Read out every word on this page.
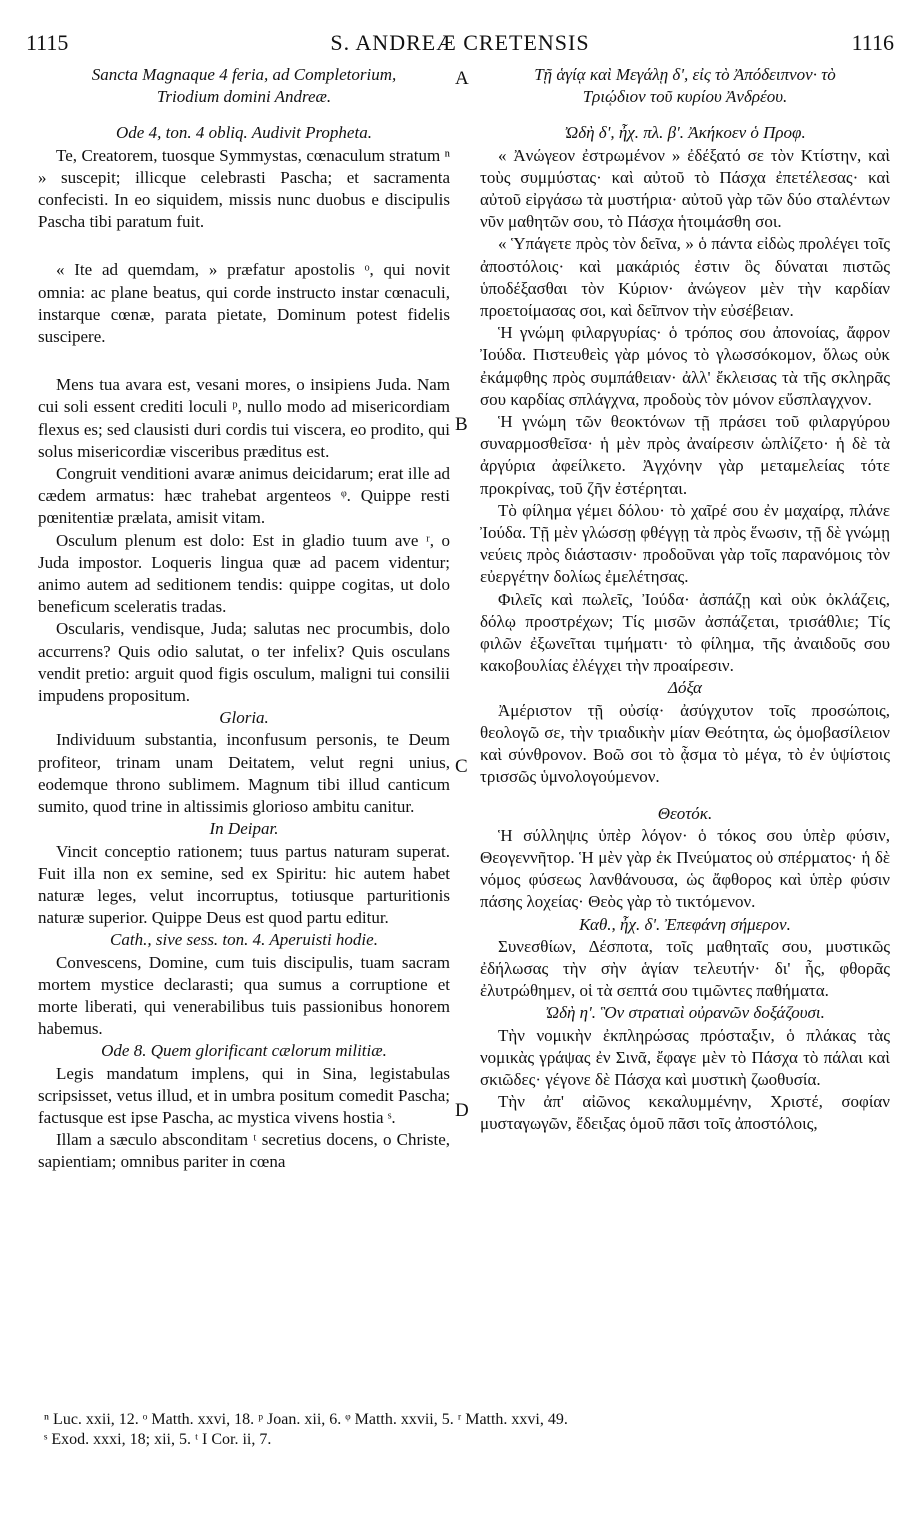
1115	S. ANDREÆ CRETENSIS	1116
A
B
C
D

Sancta Magnaque 4 feria, ad Completorium,

Triodium domini Andreæ.

Ode 4, ton. 4 obliq. Audivit Propheta.

Te, Creatorem, tuosque Symmystas, cœnaculum stratum ⁿ » suscepit; illicque celebrasti Pascha; et sacramenta confecisti. In eo siquidem, missis nunc duobus e discipulis Pascha tibi paratum fuit.

« Ite ad quemdam, » præfatur apostolis ᵒ, qui novit omnia: ac plane beatus, qui corde instructo instar cœnaculi, instarque cœnæ, parata pietate, Dominum potest fidelis suscipere.

Mens tua avara est, vesani mores, o insipiens Juda. Nam cui soli essent crediti loculi ᵖ, nullo modo ad misericordiam flexus es; sed clausisti duri cordis tui viscera, eo prodito, qui solus misericordiæ visceribus præditus est.

Congruit venditioni avaræ animus deicidarum; erat ille ad cædem armatus: hæc trahebat argenteos ᵠ. Quippe resti pœnitentiæ prælata, amisit vitam.

Osculum plenum est dolo: Est in gladio tuum ave ʳ, o Juda impostor. Loqueris lingua quæ ad pacem videntur; animo autem ad seditionem tendis: quippe cogitas, ut dolo beneficum sceleratis tradas.

Oscularis, vendisque, Juda; salutas nec procumbis, dolo accurrens? Quis odio salutat, o ter infelix? Quis osculans vendit pretio: arguit quod figis osculum, maligni tui consilii impudens propositum.

Gloria.

Individuum substantia, inconfusum personis, te Deum profiteor, trinam unam Deitatem, velut regni unius, eodemque throno sublimem. Magnum tibi illud canticum sumito, quod trine in altissimis glorioso ambitu canitur.

In Deipar.

Vincit conceptio rationem; tuus partus naturam superat. Fuit illa non ex semine, sed ex Spiritu: hic autem habet naturæ leges, velut incorruptus, totiusque parturitionis naturæ superior. Quippe Deus est quod partu editur.

Cath., sive sess. ton. 4. Aperuisti hodie.

Convescens, Domine, cum tuis discipulis, tuam sacram mortem mystice declarasti; qua sumus a corruptione et morte liberati, qui venerabilibus tuis passionibus honorem habemus.

Ode 8. Quem glorificant cælorum militiæ.

Legis mandatum implens, qui in Sina, legistabulas scripsisset, vetus illud, et in umbra positum comedit Pascha; factusque est ipse Pascha, ac mystica vivens hostia ˢ.

Illam a sæculo absconditam ᵗ secretius docens, o Christe, sapientiam; omnibus pariter in cœna

Τῇ ἁγίᾳ καὶ Μεγάλῃ δ', εἰς τὸ Ἀπόδειπνον· τὸ

Τριῴδιον τοῦ κυρίου Ἀνδρέου.

Ὠδὴ δ', ἦχ. πλ. β'. Ἀκήκοεν ὁ Προφ.

« Ἀνώγεον ἐστρωμένον » ἐδέξατό σε τὸν Κτίστην, καὶ τοὺς συμμύστας· καὶ αὐτοῦ τὸ Πάσχα ἐπετέλεσας· καὶ αὐτοῦ εἰργάσω τὰ μυστήρια· αὐτοῦ γὰρ τῶν δύο σταλέντων νῦν μαθητῶν σου, τὸ Πάσχα ἡτοιμάσθη σοι.

« Ὑπάγετε πρὸς τὸν δεῖνα, » ὁ πάντα εἰδὼς προλέγει τοῖς ἀποστόλοις· καὶ μακάριός ἐστιν ὃς δύναται πιστῶς ὑποδέξασθαι τὸν Κύριον· ἀνώγεον μὲν τὴν καρδίαν προετοίμασας σοι, καὶ δεῖπνον τὴν εὐσέβειαν.

Ἡ γνώμη φιλαργυρίας· ὁ τρόπος σου ἀπονοίας, ἄφρον Ἰούδα. Πιστευθεὶς γὰρ μόνος τὸ γλωσσόκομον, ὅλως οὐκ ἐκάμφθης πρὸς συμπάθειαν· ἀλλ' ἔκλεισας τὰ τῆς σκληρᾶς σου καρδίας σπλάγχνα, προδοὺς τὸν μόνον εὔσπλαγχνον.

Ἡ γνώμη τῶν θεοκτόνων τῇ πράσει τοῦ φιλαργύρου συναρμοσθεῖσα· ἡ μὲν πρὸς ἀναίρεσιν ὡπλίζετο· ἡ δὲ τὰ ἀργύρια ἀφείλκετο. Ἀγχόνην γὰρ μεταμελείας τότε προκρίνας, τοῦ ζῆν ἐστέρηται.

Τὸ φίλημα γέμει δόλου· τὸ χαῖρέ σου ἐν μαχαίρᾳ, πλάνε Ἰούδα. Τῇ μὲν γλώσσῃ φθέγγῃ τὰ πρὸς ἕνωσιν, τῇ δὲ γνώμῃ νεύεις πρὸς διάστασιν· προδοῦναι γὰρ τοῖς παρανόμοις τὸν εὐεργέτην δολίως ἐμελέτησας.

Φιλεῖς καὶ πωλεῖς, Ἰούδα· ἀσπάζῃ καὶ οὐκ ὀκλάζεις, δόλῳ προστρέχων; Τίς μισῶν ἀσπάζεται, τρισάθλιε; Τίς φιλῶν ἐξωνεῖται τιμήματι· τὸ φίλημα, τῆς ἀναιδοῦς σου κακοβουλίας ἐλέγχει τὴν προαίρεσιν.

Δόξα

Ἀμέριστον τῇ οὐσίᾳ· ἀσύγχυτον τοῖς προσώποις, θεολογῶ σε, τὴν τριαδικὴν μίαν Θεότητα, ὡς ὁμοβασίλειον καὶ σύνθρονον. Βοῶ σοι τὸ ᾆσμα τὸ μέγα, τὸ ἐν ὑψίστοις τρισσῶς ὑμνολογούμενον.

Θεοτόκ.

Ἡ σύλληψις ὑπὲρ λόγον· ὁ τόκος σου ὑπὲρ φύσιν, Θεογεννῆτορ. Ἡ μὲν γὰρ ἐκ Πνεύματος οὐ σπέρματος· ἡ δὲ νόμος φύσεως λανθάνουσα, ὡς ἄφθορος καὶ ὑπὲρ φύσιν πάσης λοχείας· Θεὸς γὰρ τὸ τικτόμενον.

Καθ., ἦχ. δ'. Ἐπεφάνη σήμερον.

Συνεσθίων, Δέσποτα, τοῖς μαθηταῖς σου, μυστικῶς ἐδήλωσας τὴν σὴν ἁγίαν τελευτήν· δι' ἧς, φθορᾶς ἐλυτρώθημεν, οἱ τὰ σεπτά σου τιμῶντες παθήματα.

Ὠδὴ η'. Ὃν στρατιαὶ οὐρανῶν δοξάζουσι.

Τὴν νομικὴν ἐκπληρώσας πρόσταξιν, ὁ πλάκας τὰς νομικὰς γράψας ἐν Σινᾶ, ἔφαγε μὲν τὸ Πάσχα τὸ πάλαι καὶ σκιῶδες· γέγονε δὲ Πάσχα καὶ μυστικὴ ζωοθυσία.

Τὴν ἀπ' αἰῶνος κεκαλυμμένην, Χριστέ, σοφίαν μυσταγωγῶν, ἔδειξας ὁμοῦ πᾶσι τοῖς ἀποστόλοις,

ⁿ Luc. xxii, 12. ᵒ Matth. xxvi, 18. ᵖ Joan. xii, 6. ᵠ Matth. xxvii, 5. ʳ Matth. xxvi, 49.
ˢ Exod. xxxi, 18; xii, 5. ᵗ I Cor. ii, 7.
